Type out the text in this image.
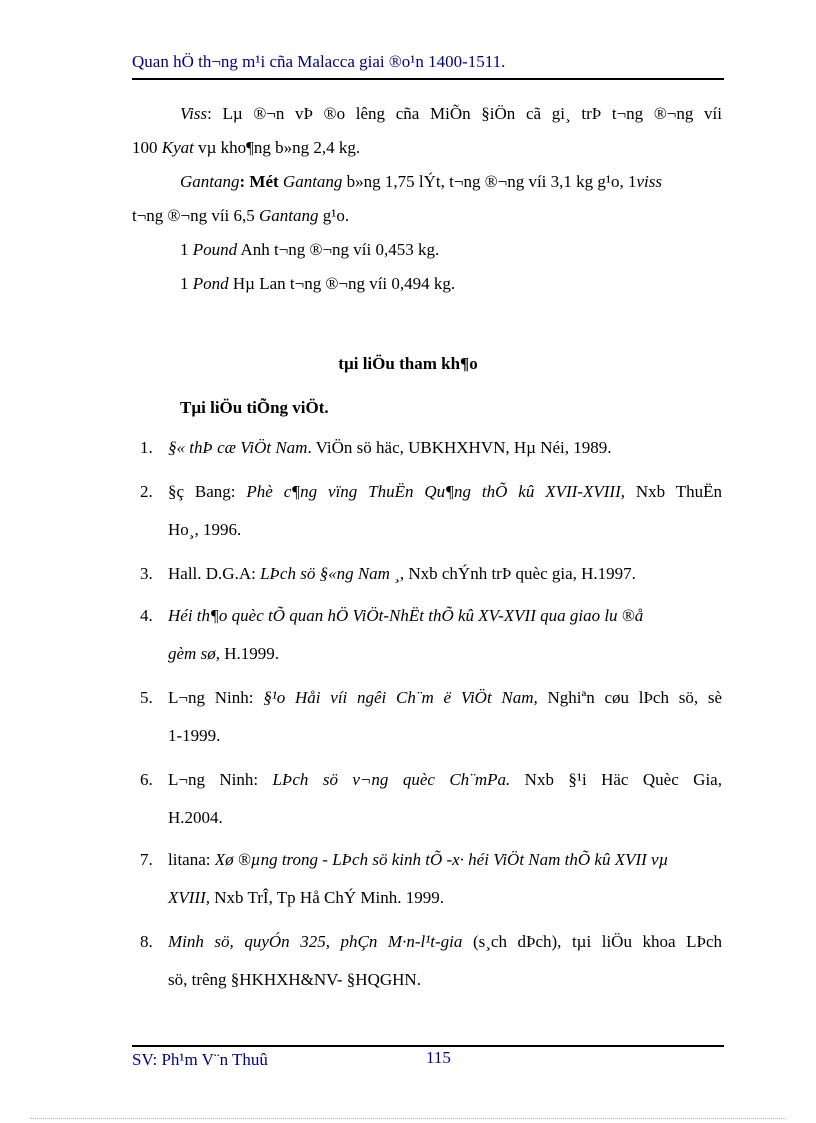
Quan hÖ th¬ng m¹i cña Malacca giai ®o¹n 1400-1511.
Viss: Lµ ®¬n vÞ ®o lêng cña MiÕn §iÖn cã gi¸ trÞ t¬ng ®¬ng víi
100 Kyat vµ kho¶ng b»ng 2,4 kg.
Gantang: Mét Gantang b»ng 1,75 lÝt, t¬ng ®¬ng víi 3,1 kg g¹o, 1viss
t¬ng ®¬ng víi 6,5 Gantang g¹o.
1 Pound Anh t¬ng ®¬ng víi 0,453 kg.
1 Pond Hµ Lan t¬ng ®¬ng víi 0,494 kg.
tµi liÖu tham kh¶o
Tµi liÖu tiÕng viÖt.
1. §« thÞ cæ ViÖt Nam. ViÖn sö häc, UBKHXHVN, Hµ Néi, 1989.
2. §ç Bang: Phè c¶ng vïng ThuËn Qu¶ng thÕ kû XVII-XVIII, Nxb ThuËn
Ho¸, 1996.
3. Hall. D.G.A: LÞch sö §«ng Nam ¸, Nxb chÝnh trÞ quèc gia, H.1997.
4. Héi th¶o quèc tÕ quan hÖ ViÖt-NhËt thÕ kû XV-XVII qua giao lu ®å
gèm sø, H.1999.
5. L¬ng Ninh: §¹o Håi víi ngêi Ch¨m ë ViÖt Nam, Nghiªn cøu lÞch sö, sè
1-1999.
6. L¬ng Ninh: LÞch sö v¬ng quèc Ch¨mPa. Nxb §¹i Häc Quèc Gia,
H.2004.
7. litana: Xø ®µng trong - LÞch sö kinh tÕ -x· héi ViÖt Nam thÕ kû XVII vµ
XVIII, Nxb TrÎ, Tp Hå ChÝ Minh. 1999.
8. Minh sö, quyÓn 325, phÇn M·n-l¹t-gia (s¸ch dÞch), tµi liÖu khoa LÞch
sö, trêng §HKHXH&NV- §HQGHN.
SV: Ph¹m V¨n Thuû	115
